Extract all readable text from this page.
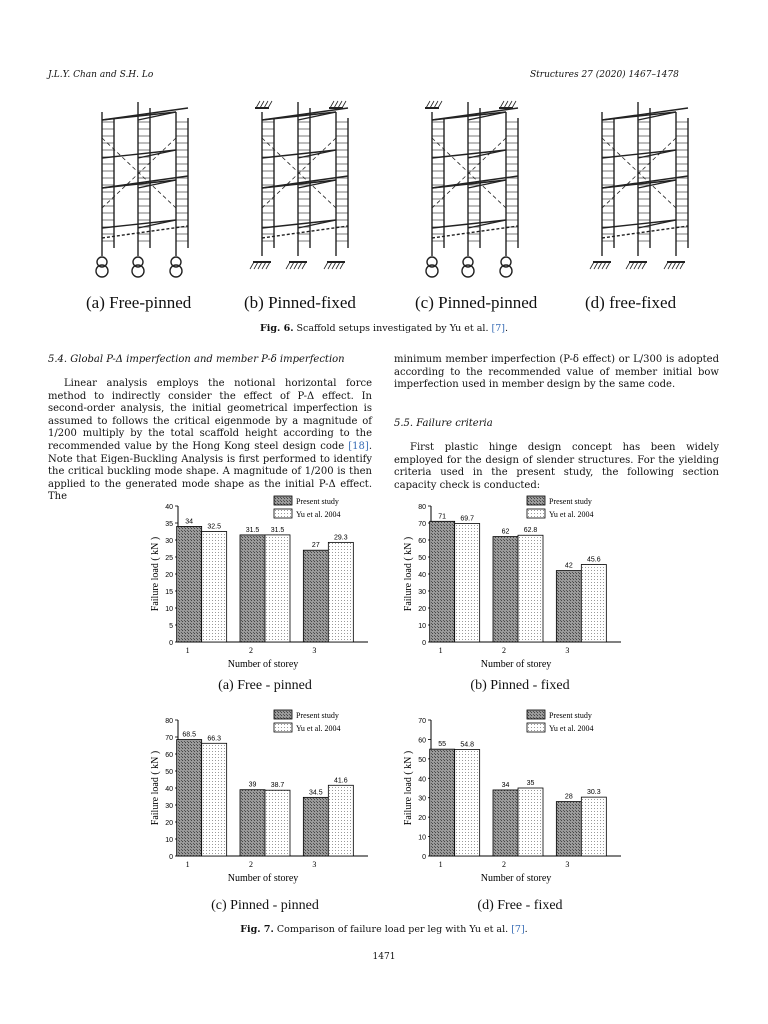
J.L.Y. Chan and S.H. Lo	Structures 27 (2020) 1467–1478
(a) Free-pinned	(b) Pinned-fixed	(c) Pinned-pinned	(d) free-fixed
Fig. 6. Scaffold setups investigated by Yu et al. [7].
5.4. Global P-Δ imperfection and member P-δ imperfection
Linear analysis employs the notional horizontal force method to indirectly consider the effect of P-Δ effect. In second-order analysis, the initial geometrical imperfection is assumed to follows the critical eigenmode by a magnitude of 1/200 multiply by the total scaffold height according to the recommended value by the Hong Kong steel design code [18]. Note that Eigen-Buckling Analysis is first performed to identify the critical buckling mode shape. A magnitude of 1/200 is then applied to the generated mode shape as the initial P-Δ effect. The
minimum member imperfection (P-δ effect) or L/300 is adopted according to the recommended value of member initial bow imperfection used in member design by the same code.
5.5. Failure criteria
First plastic hinge design concept has been widely employed for the design of slender structures. For the yielding criteria used in the present study, the following section capacity check is conducted:
0
5
10
15
20
25
30
35
40
1
34
32.5
2
31.5 31.5
3
27
29.3
Number of storey
Failure load ( kN )
Present study
Yu et al. 2004
0
10
20
30
40
50
60
70
80
1
71 69.7
2
62 62.8
3
42
45.6
Number of storey
Failure load ( kN )
Present study
Yu et al. 2004
0
10
20
30
40
50
60
70
80
1
68.5
66.3
2
39 38.7
3
34.5
41.6
Number of storey
Failure load ( kN )
Present study
Yu et al. 2004
0
10
20
30
40
50
60
70
1
55 54.8
2
34 35
3
28
30.3
Number of storey
Failure load ( kN )
Present study
Yu et al. 2004
(a) Free - pinned	(b) Pinned - fixed
(c) Pinned - pinned	(d) Free - fixed
Fig. 7. Comparison of failure load per leg with Yu et al. [7].
1471
